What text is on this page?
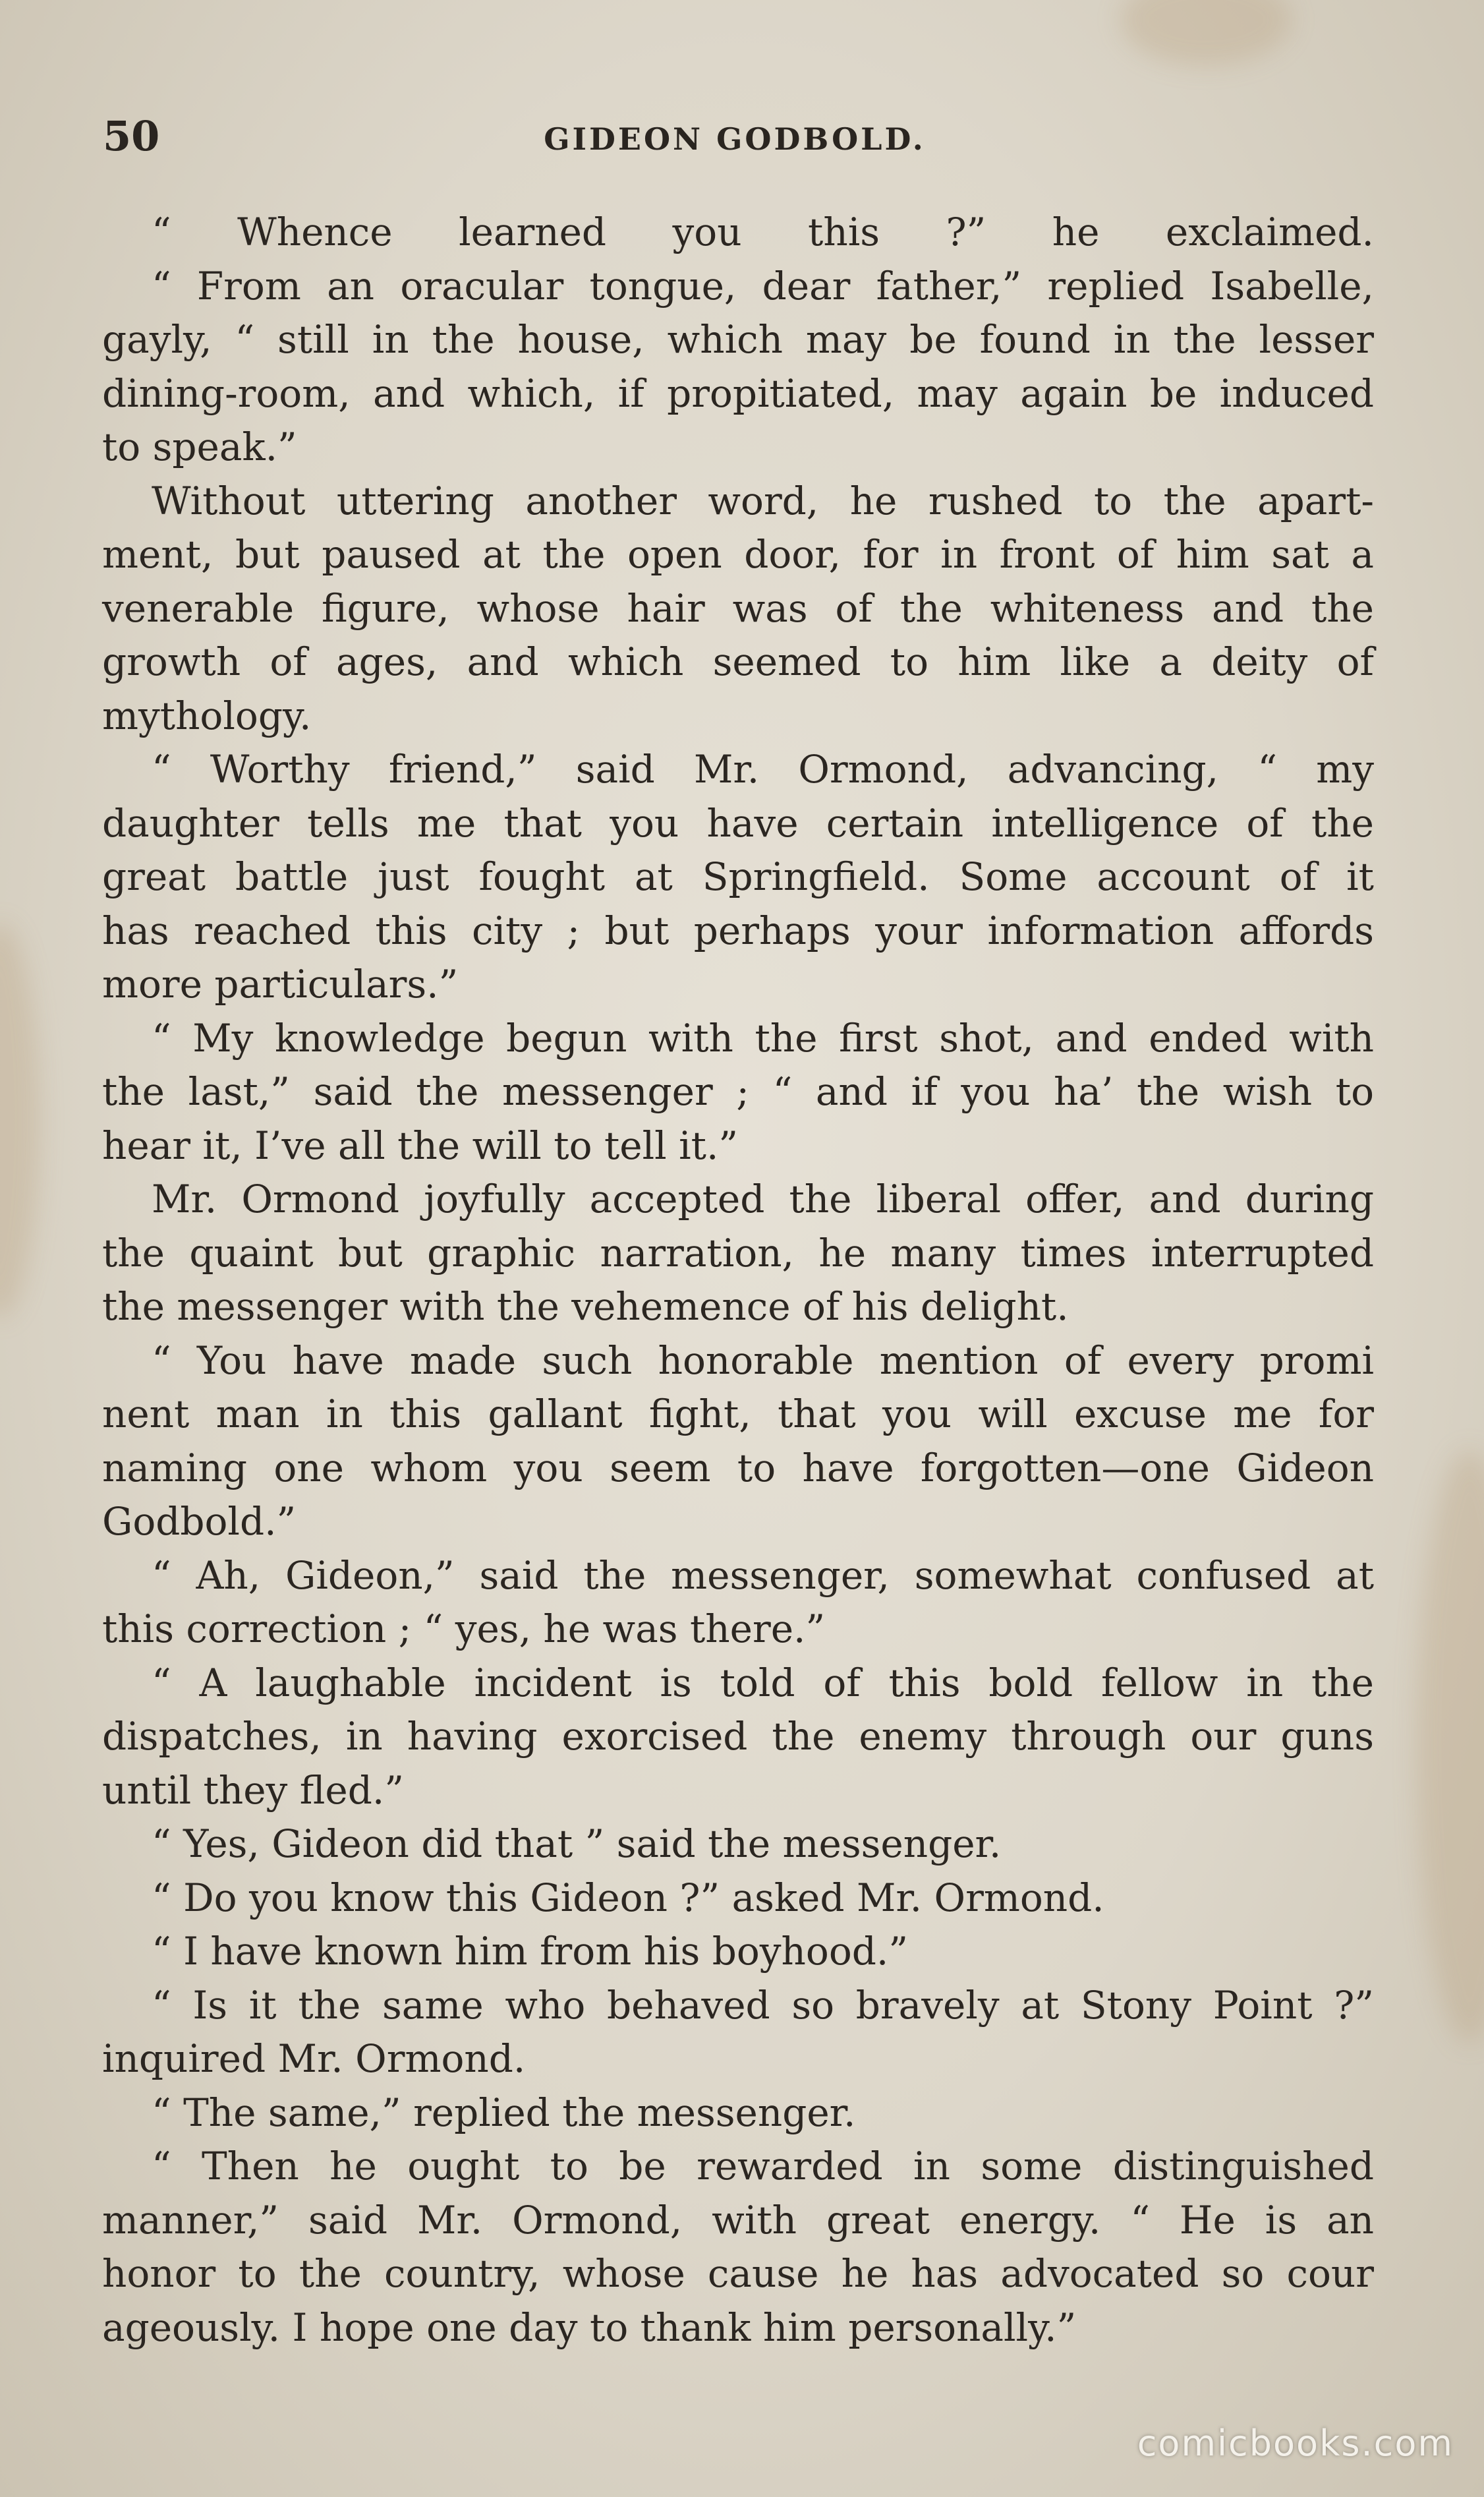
50	GIDEON GODBOLD.
“ Whence learned you this ?” he exclaimed.
“ From an oracular tongue, dear father,” replied Isabelle,
gayly, “ still in the house, which may be found in the lesser
dining-room, and which, if propitiated, may again be induced
to speak.”
Without uttering another word, he rushed to the apart-
ment, but paused at the open door, for in front of him sat a
venerable figure, whose hair was of the whiteness and the
growth of ages, and which seemed to him like a deity of
mythology.
“ Worthy friend,” said Mr. Ormond, advancing, “ my
daughter tells me that you have certain intelligence of the
great battle just fought at Springfield. Some account of it
has reached this city ; but perhaps your information affords
more particulars.”
“ My knowledge begun with the first shot, and ended with
the last,” said the messenger ; “ and if you ha’ the wish to
hear it, I’ve all the will to tell it.”
Mr. Ormond joyfully accepted the liberal offer, and during
the quaint but graphic narration, he many times interrupted
the messenger with the vehemence of his delight.
“ You have made such honorable mention of every promi
nent man in this gallant fight, that you will excuse me for
naming one whom you seem to have forgotten—one Gideon
Godbold.”
“ Ah, Gideon,” said the messenger, somewhat confused at
this correction ; “ yes, he was there.”
“ A laughable incident is told of this bold fellow in the
dispatches, in having exorcised the enemy through our guns
until they fled.”
“ Yes, Gideon did that ” said the messenger.
“ Do you know this Gideon ?” asked Mr. Ormond.
“ I have known him from his boyhood.”
“ Is it the same who behaved so bravely at Stony Point ?”
inquired Mr. Ormond.
“ The same,” replied the messenger.
“ Then he ought to be rewarded in some distinguished
manner,” said Mr. Ormond, with great energy. “ He is an
honor to the country, whose cause he has advocated so cour
ageously. I hope one day to thank him personally.”
comicbooks.com
